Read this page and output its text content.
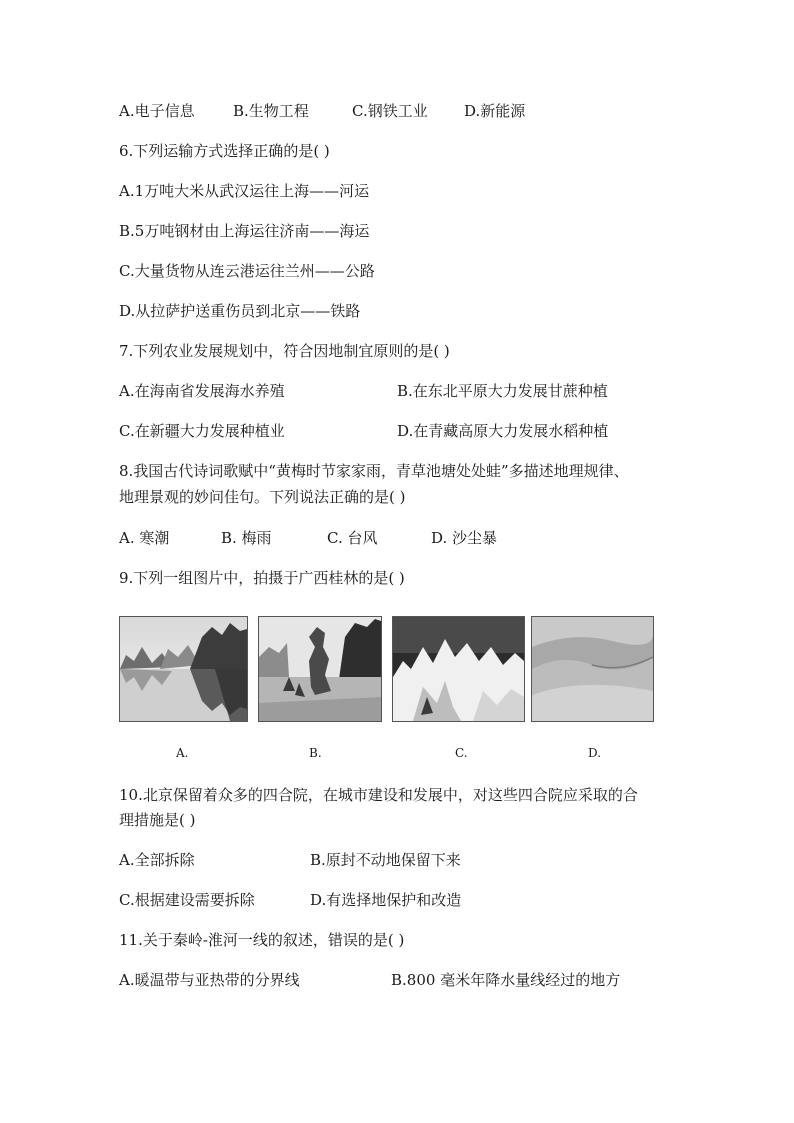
A.电子信息	B.生物工程	C.钢铁工业 D.新能源
6.下列运输方式选择正确的是( )
A.1万吨大米从武汉运往上海——河运
B.5万吨钢材由上海运往济南——海运
C.大量货物从连云港运往兰州——公路
D.从拉萨护送重伤员到北京——铁路
7.下列农业发展规划中，符合因地制宜原则的是( )
A.在海南省发展海水养殖	B.在东北平原大力发展甘蔗种植
C.在新疆大力发展种植业	D.在青藏高原大力发展水稻种植
8.我国古代诗词歌赋中“黄梅时节家家雨，青草池塘处处蛙”多描述地理规律、
地理景观的妙问佳句。下列说法正确的是( )
A. 寒潮	B. 梅雨	C. 台风	D. 沙尘暴
9.下列一组图片中，拍摄于广西桂林的是( )
A.	B.	C.	D.
10.北京保留着众多的四合院，在城市建设和发展中，对这些四合院应采取的合
理措施是( )
A.全部拆除	B.原封不动地保留下来
C.根据建设需要拆除	D.有选择地保护和改造
11.关于秦岭-淮河一线的叙述，错误的是( )
A.暖温带与亚热带的分界线	B.800 毫米年降水量线经过的地方
